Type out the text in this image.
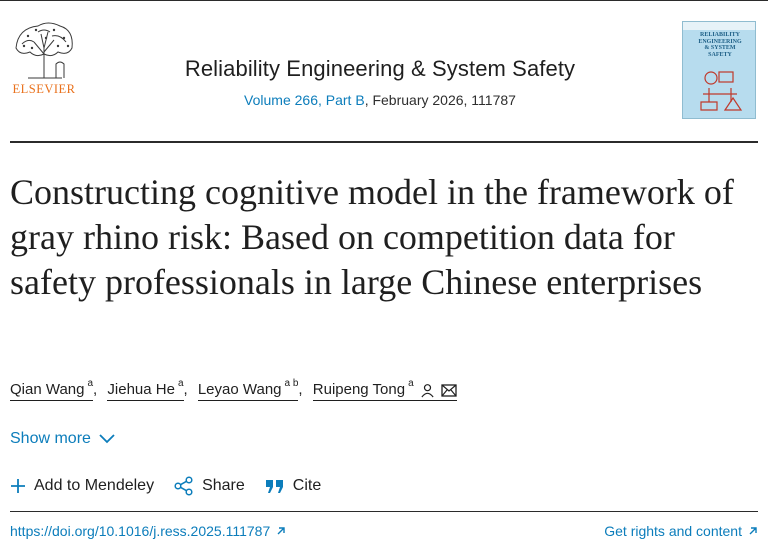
ELSEVIER
Reliability Engineering & System Safety
Volume 266, Part B, February 2026, 111787
RELIABILITY
ENGINEERING
& SYSTEM
SAFETY
Constructing cognitive model in the framework of gray rhino risk: Based on competition data for safety professionals in large Chinese enterprises
Qian Wang $^a$, Jiehua He $^a$, Leyao Wang $^{a b}$, Ruipeng Tong $^a$
Show more
Add to Mendeley	Share	Cite
https://doi.org/10.1016/j.ress.2025.111787	Get rights and content
